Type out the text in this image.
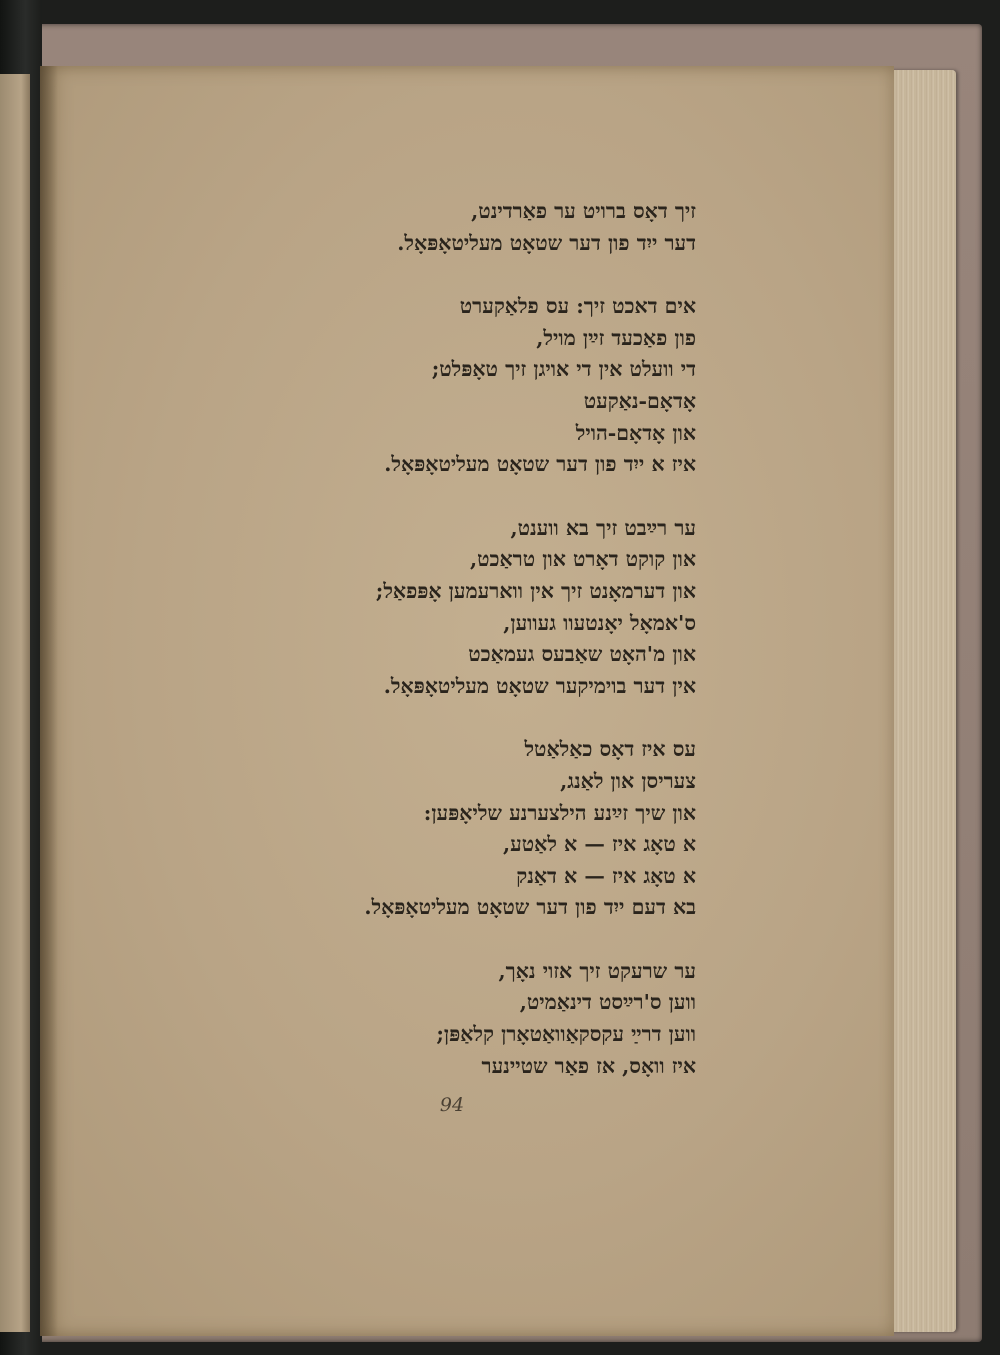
זיך דאָס ברויט ער פאַרדינט,
דער ייִד פון דער שטאָט מעליטאָפּאָל.
אים דאכט זיך: עס פלאַקערט
פון פאַכעד זײַן מויל,
די וועלט אין די אויגן זיך טאָפּלט;
אָדאָם-נאַקעט
און אָדאָם-הויל
איז א ייִד פון דער שטאָט מעליטאָפּאָל.
ער רײַבט זיך בא ווענט,
און קוקט דאָרט און טראַכט,
און דערמאָנט זיך אין ווארעמען אָפּפאַל;
ס'אמאָל יאָנטעוו געווען,
און מ'האָט שאַבעס געמאַכט
אין דער בוימיקער שטאָט מעליטאָפּאָל.
עס איז דאָס כאַלאַטל
צעריסן און לאַנג,
און שיך זײַנע הילצערנע שליאָפּען:
א טאָג איז — א לאַטע,
א טאָג איז — א דאַנק
בא דעם ייִד פון דער שטאָט מעליטאָפּאָל.
ער שרעקט זיך אזוי נאָך,
ווען ס'רײַסט דינאַמיט,
ווען דרײַ עקסקאַוואַטאָרן קלאַפּן;
איז וואָס, אז פאַר שטיינער
94
